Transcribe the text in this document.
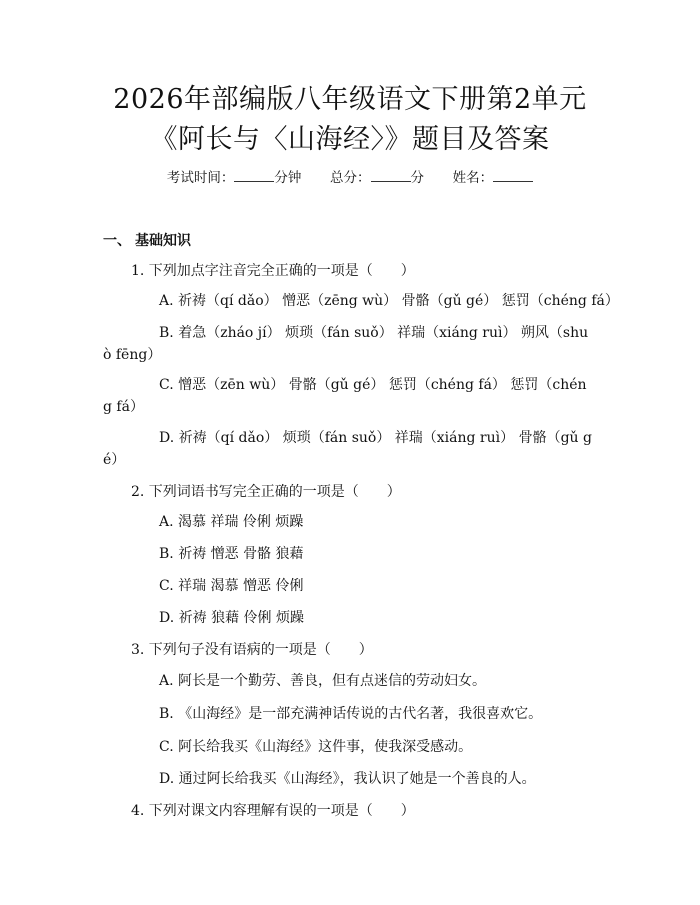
2026年部编版八年级语文下册第2单元《阿长与〈山海经〉》题目及答案
考试时间：	分钟 总分：	分 姓名：
一、 基础知识
1. 下列加点字注音完全正确的一项是（　　）
A. 祈祷（qí dǎo） 憎恶（zēng wù） 骨骼（gǔ gé） 惩罚（chéng fá）
B. 着急（zháo jí） 烦琐（fán suǒ） 祥瑞（xiáng ruì） 朔风（shuò fēng）
C. 憎恶（zēn wù） 骨骼（gǔ gé） 惩罚（chéng fá） 惩罚（chéng fá）
D. 祈祷（qí dǎo） 烦琐（fán suǒ） 祥瑞（xiáng ruì） 骨骼（gǔ gé）
2. 下列词语书写完全正确的一项是（　　）
A. 渴慕 祥瑞 伶俐 烦躁
B. 祈祷 憎恶 骨骼 狼藉
C. 祥瑞 渴慕 憎恶 伶俐
D. 祈祷 狼藉 伶俐 烦躁
3. 下列句子没有语病的一项是（　　）
A. 阿长是一个勤劳、善良，但有点迷信的劳动妇女。
B. 《山海经》是一部充满神话传说的古代名著，我很喜欢它。
C. 阿长给我买《山海经》这件事，使我深受感动。
D. 通过阿长给我买《山海经》，我认识了她是一个善良的人。
4. 下列对课文内容理解有误的一项是（　　）
